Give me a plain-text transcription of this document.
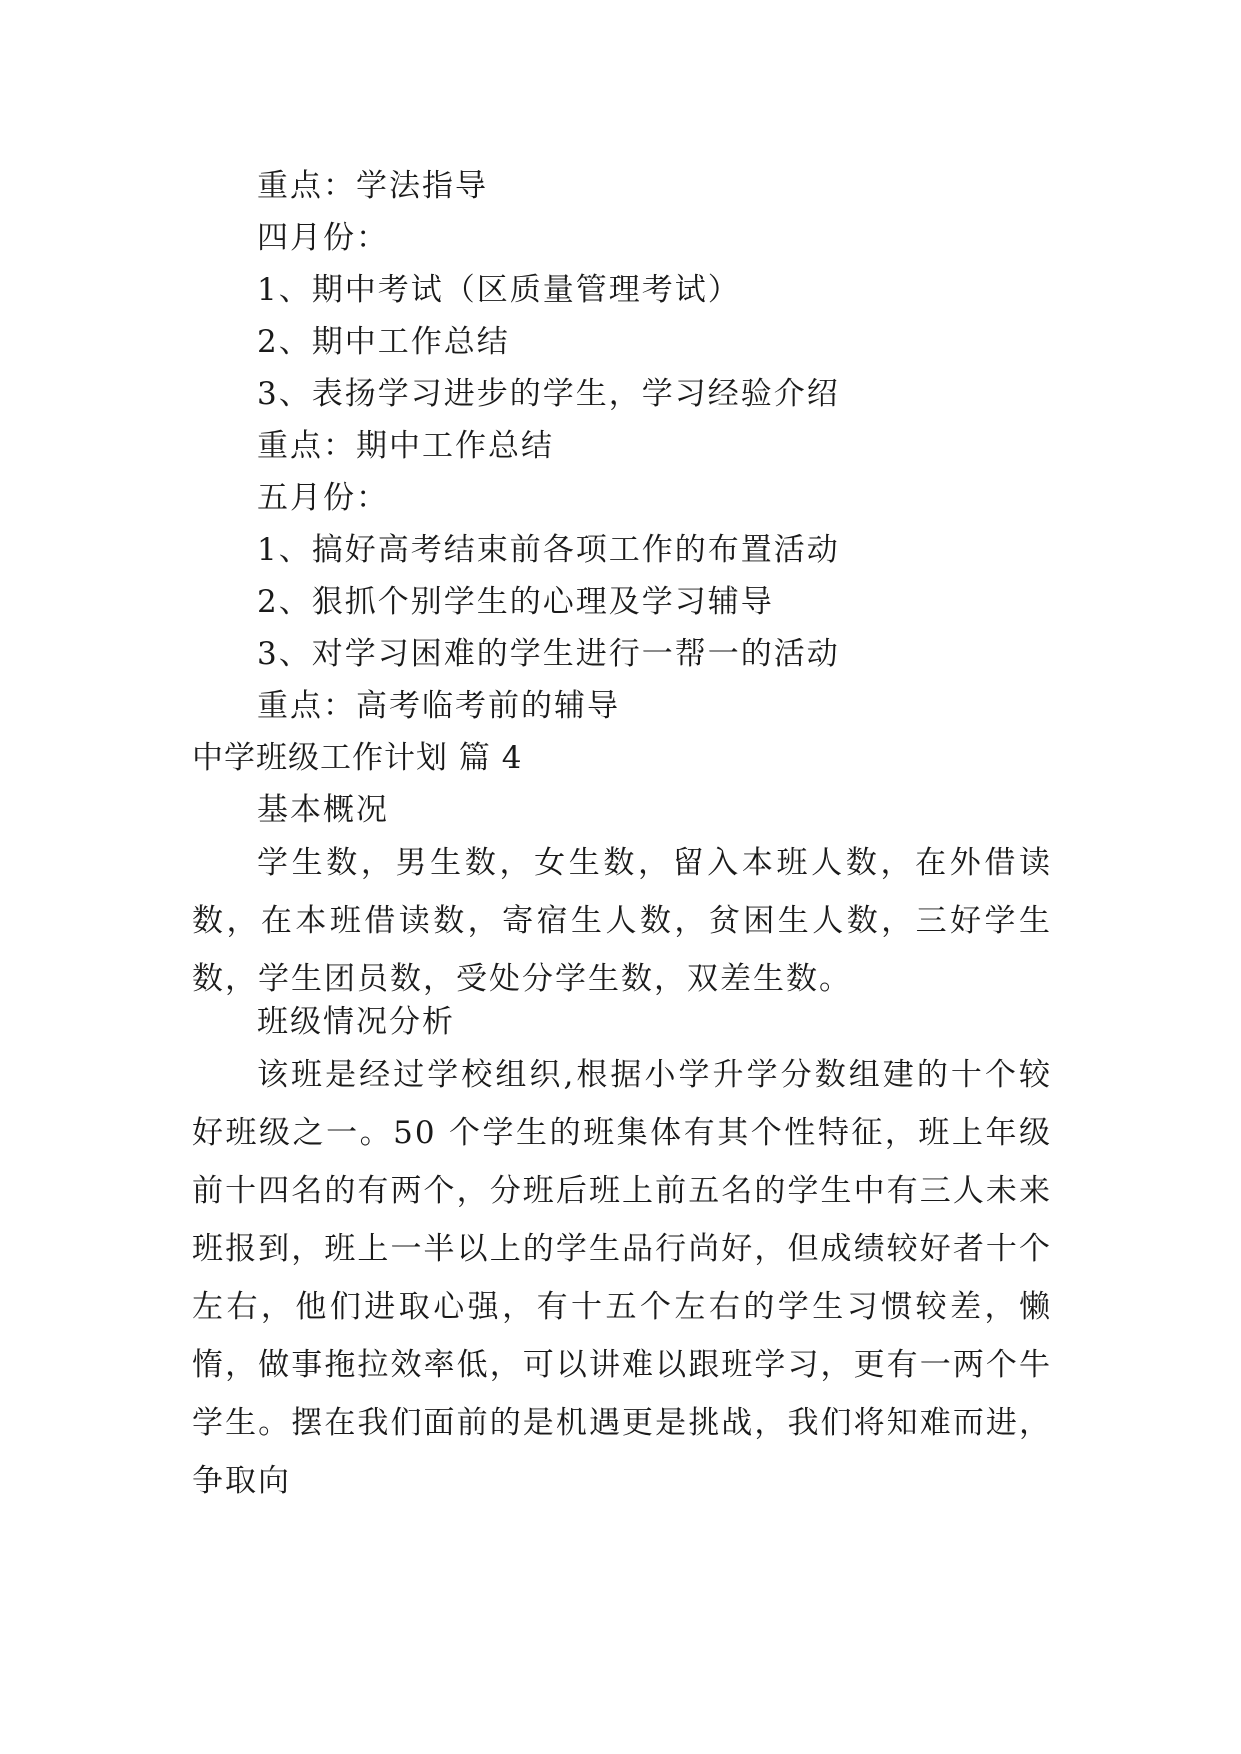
重点：学法指导
四月份：
1、期中考试（区质量管理考试）
2、期中工作总结
3、表扬学习进步的学生，学习经验介绍
重点：期中工作总结
五月份：
1、搞好高考结束前各项工作的布置活动
2、狠抓个别学生的心理及学习辅导
3、对学习困难的学生进行一帮一的活动
重点：高考临考前的辅导
中学班级工作计划 篇 4
基本概况
学生数，男生数，女生数，留入本班人数，在外借读数，在本班借读数，寄宿生人数，贫困生人数，三好学生数，学生团员数，受处分学生数，双差生数。
班级情况分析
该班是经过学校组织,根据小学升学分数组建的十个较好班级之一。50 个学生的班集体有其个性特征，班上年级前十四名的有两个，分班后班上前五名的学生中有三人未来班报到，班上一半以上的学生品行尚好，但成绩较好者十个左右，他们进取心强，有十五个左右的学生习惯较差，懒惰，做事拖拉效率低，可以讲难以跟班学习，更有一两个牛学生。摆在我们面前的是机遇更是挑战，我们将知难而进，争取向
